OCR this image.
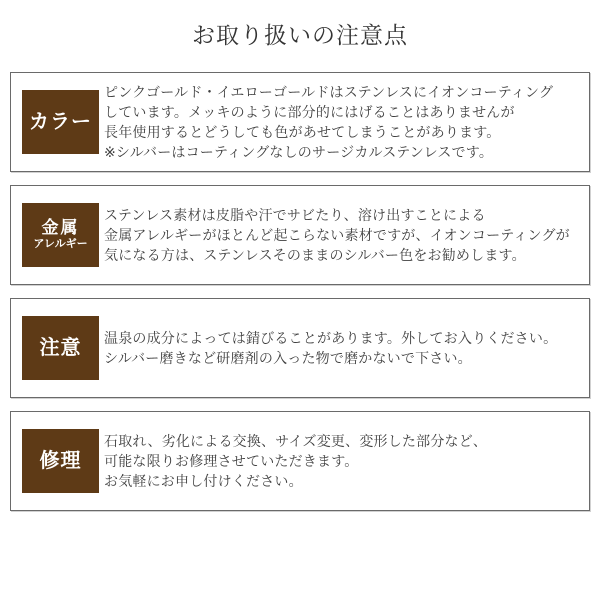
お取り扱いの注意点
カラー
ピンクゴールド・イエローゴールドはステンレスにイオンコーティング
しています。メッキのように部分的にはげることはありませんが
長年使用するとどうしても色があせてしまうことがあります。
※シルバーはコーティングなしのサージカルステンレスです。
金属
アレルギー
ステンレス素材は皮脂や汗でサビたり、溶け出すことによる
金属アレルギーがほとんど起こらない素材ですが、イオンコーティングが
気になる方は、ステンレスそのままのシルバー色をお勧めします。
注意 温泉の成分によっては錆びることがあります。外してお入りください。
シルバー磨きなど研磨剤の入った物で磨かないで下さい。
修理
石取れ、劣化による交換、サイズ変更、変形した部分など、
可能な限りお修理させていただきます。
お気軽にお申し付けください。
